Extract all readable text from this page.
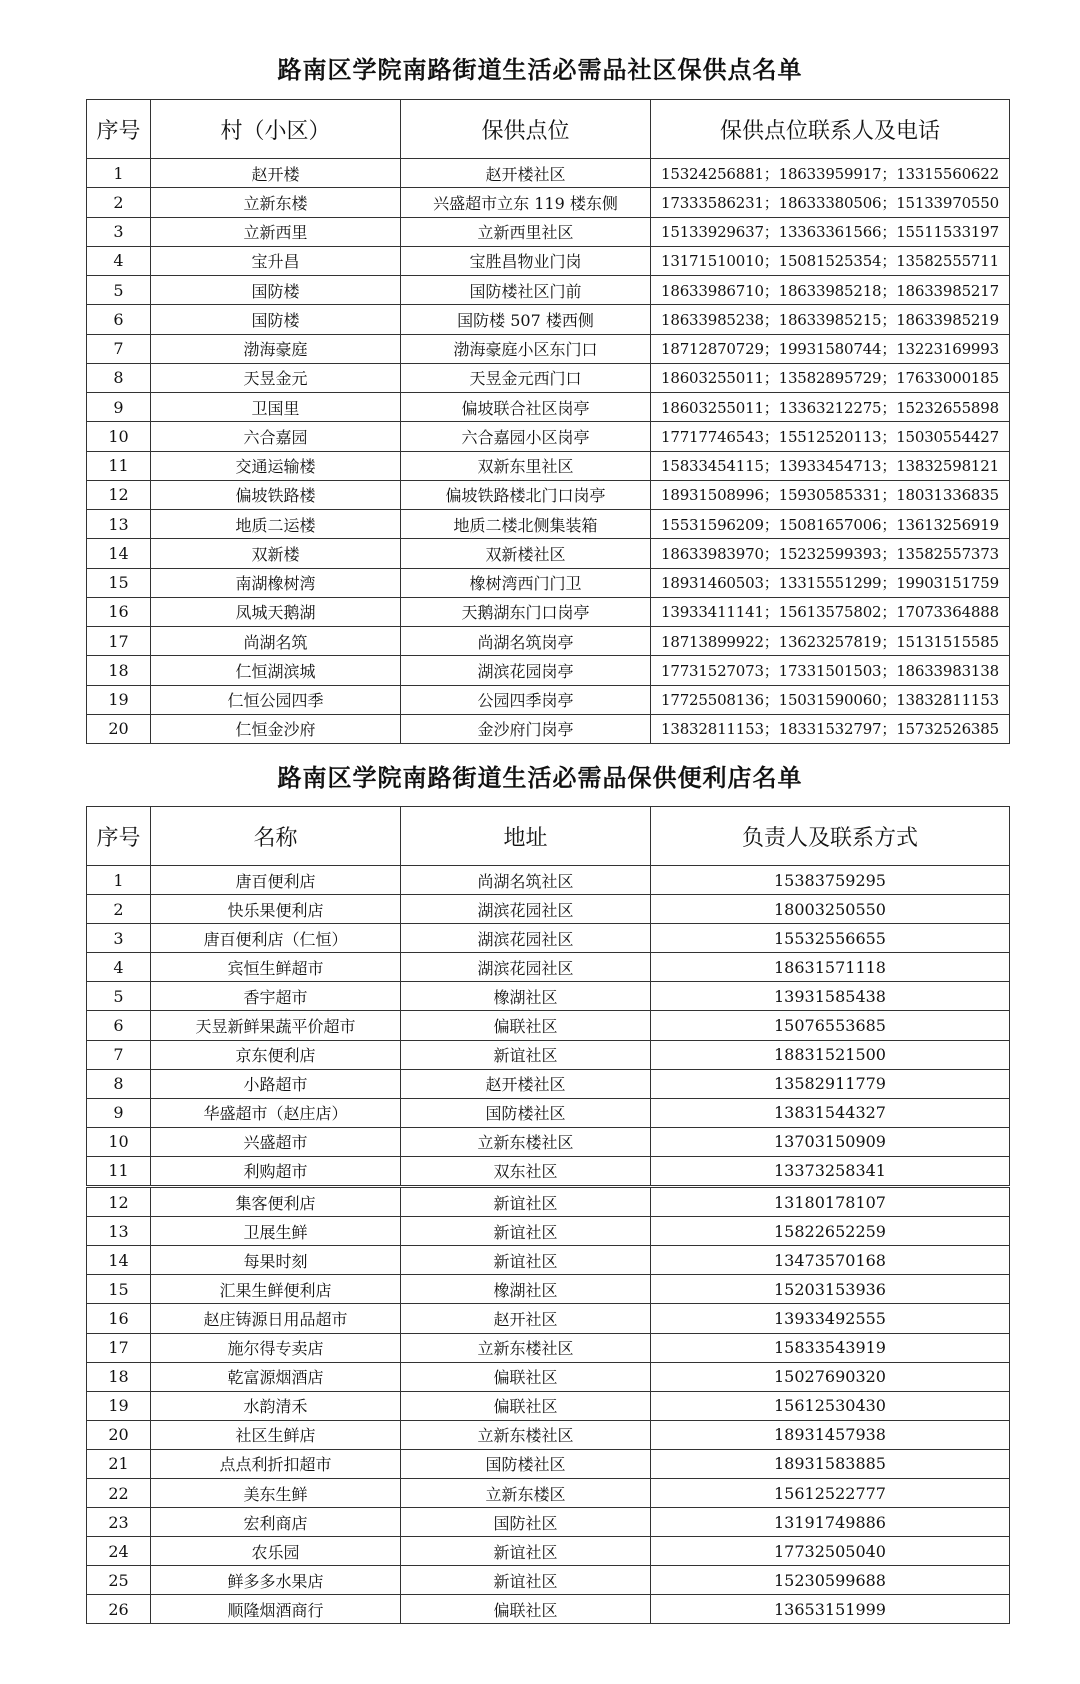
路南区学院南路街道生活必需品社区保供点名单
序号	村（小区）	保供点位	保供点位联系人及电话
1	赵开楼	赵开楼社区	15324256881；18633959917；13315560622
2	立新东楼	兴盛超市立东 119 楼东侧	17333586231；18633380506；15133970550
3	立新西里	立新西里社区	15133929637；13363361566；15511533197
4	宝升昌	宝胜昌物业门岗	13171510010；15081525354；13582555711
5	国防楼	国防楼社区门前	18633986710；18633985218；18633985217
6	国防楼	国防楼 507 楼西侧	18633985238；18633985215；18633985219
7	渤海豪庭	渤海豪庭小区东门口	18712870729；19931580744；13223169993
8	天昱金元	天昱金元西门口	18603255011；13582895729；17633000185
9	卫国里	偏坡联合社区岗亭	18603255011；13363212275；15232655898
10	六合嘉园	六合嘉园小区岗亭	17717746543；15512520113；15030554427
11	交通运输楼	双新东里社区	15833454115；13933454713；13832598121
12	偏坡铁路楼	偏坡铁路楼北门口岗亭	18931508996；15930585331；18031336835
13	地质二运楼	地质二楼北侧集装箱	15531596209；15081657006；13613256919
14	双新楼	双新楼社区	18633983970；15232599393；13582557373
15	南湖橡树湾	橡树湾西门门卫	18931460503；13315551299；19903151759
16	凤城天鹅湖	天鹅湖东门口岗亭	13933411141；15613575802；17073364888
17	尚湖名筑	尚湖名筑岗亭	18713899922；13623257819；15131515585
18	仁恒湖滨城	湖滨花园岗亭	17731527073；17331501503；18633983138
19	仁恒公园四季	公园四季岗亭	17725508136；15031590060；13832811153
20	仁恒金沙府	金沙府门岗亭	13832811153；18331532797；15732526385
路南区学院南路街道生活必需品保供便利店名单
序号	名称	地址	负责人及联系方式
1	唐百便利店	尚湖名筑社区	15383759295
2	快乐果便利店	湖滨花园社区	18003250550
3	唐百便利店（仁恒）	湖滨花园社区	15532556655
4	宾恒生鲜超市	湖滨花园社区	18631571118
5	香宇超市	橡湖社区	13931585438
6	天昱新鲜果蔬平价超市	偏联社区	15076553685
7	京东便利店	新谊社区	18831521500
8	小路超市	赵开楼社区	13582911779
9	华盛超市（赵庄店）	国防楼社区	13831544327
10	兴盛超市	立新东楼社区	13703150909
11	利购超市	双东社区	13373258341
12	集客便利店	新谊社区	13180178107
13	卫展生鲜	新谊社区	15822652259
14	每果时刻	新谊社区	13473570168
15	汇果生鲜便利店	橡湖社区	15203153936
16	赵庄铸源日用品超市	赵开社区	13933492555
17	施尔得专卖店	立新东楼社区	15833543919
18	乾富源烟酒店	偏联社区	15027690320
19	水韵清禾	偏联社区	15612530430
20	社区生鲜店	立新东楼社区	18931457938
21	点点利折扣超市	国防楼社区	18931583885
22	美东生鲜	立新东楼区	15612522777
23	宏利商店	国防社区	13191749886
24	农乐园	新谊社区	17732505040
25	鲜多多水果店	新谊社区	15230599688
26	顺隆烟酒商行	偏联社区	13653151999
